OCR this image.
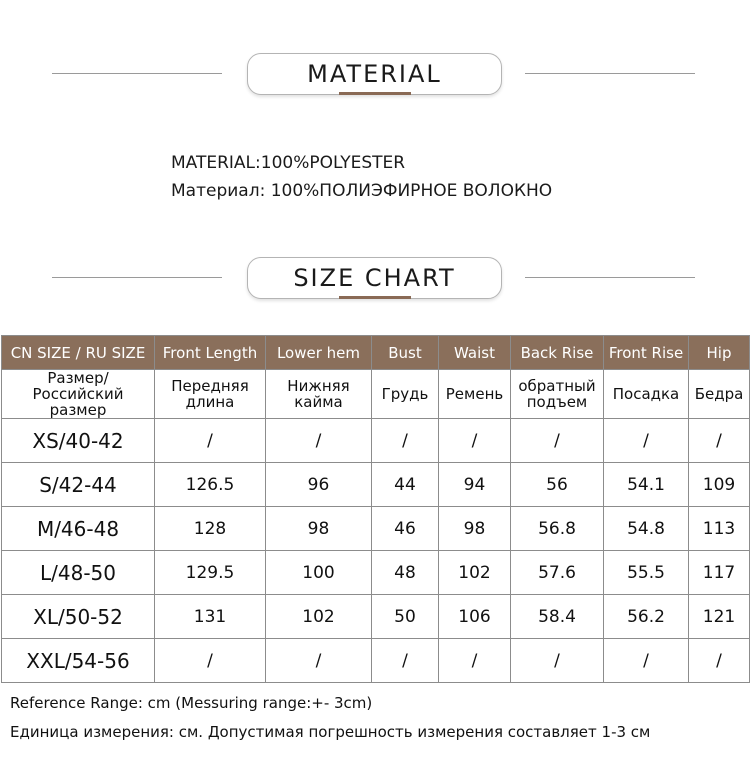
MATERIAL
MATERIAL:100%POLYESTER
Материал: 100%ПОЛИЭФИРНОЕ ВОЛОКНО
SIZE CHART
CN SIZE / RU SIZE	Front Length	Lower hem	Bust	Waist	Back Rise	Front Rise	Hip
Размер/Российский размер	Передняя длина	Нижняя кайма	Грудь	Ремень	обратный подъем	Посадка	Бедра
XS/40-42	/	/	/	/	/	/	/
S/42-44	126.5	96	44	94	56	54.1	109
M/46-48	128	98	46	98	56.8	54.8	113
L/48-50	129.5	100	48	102	57.6	55.5	117
XL/50-52	131	102	50	106	58.4	56.2	121
XXL/54-56	/	/	/	/	/	/	/
Reference Range: cm (Messuring range:+- 3cm)
Единица измерения: см. Допустимая погрешность измерения составляет 1-3 см
